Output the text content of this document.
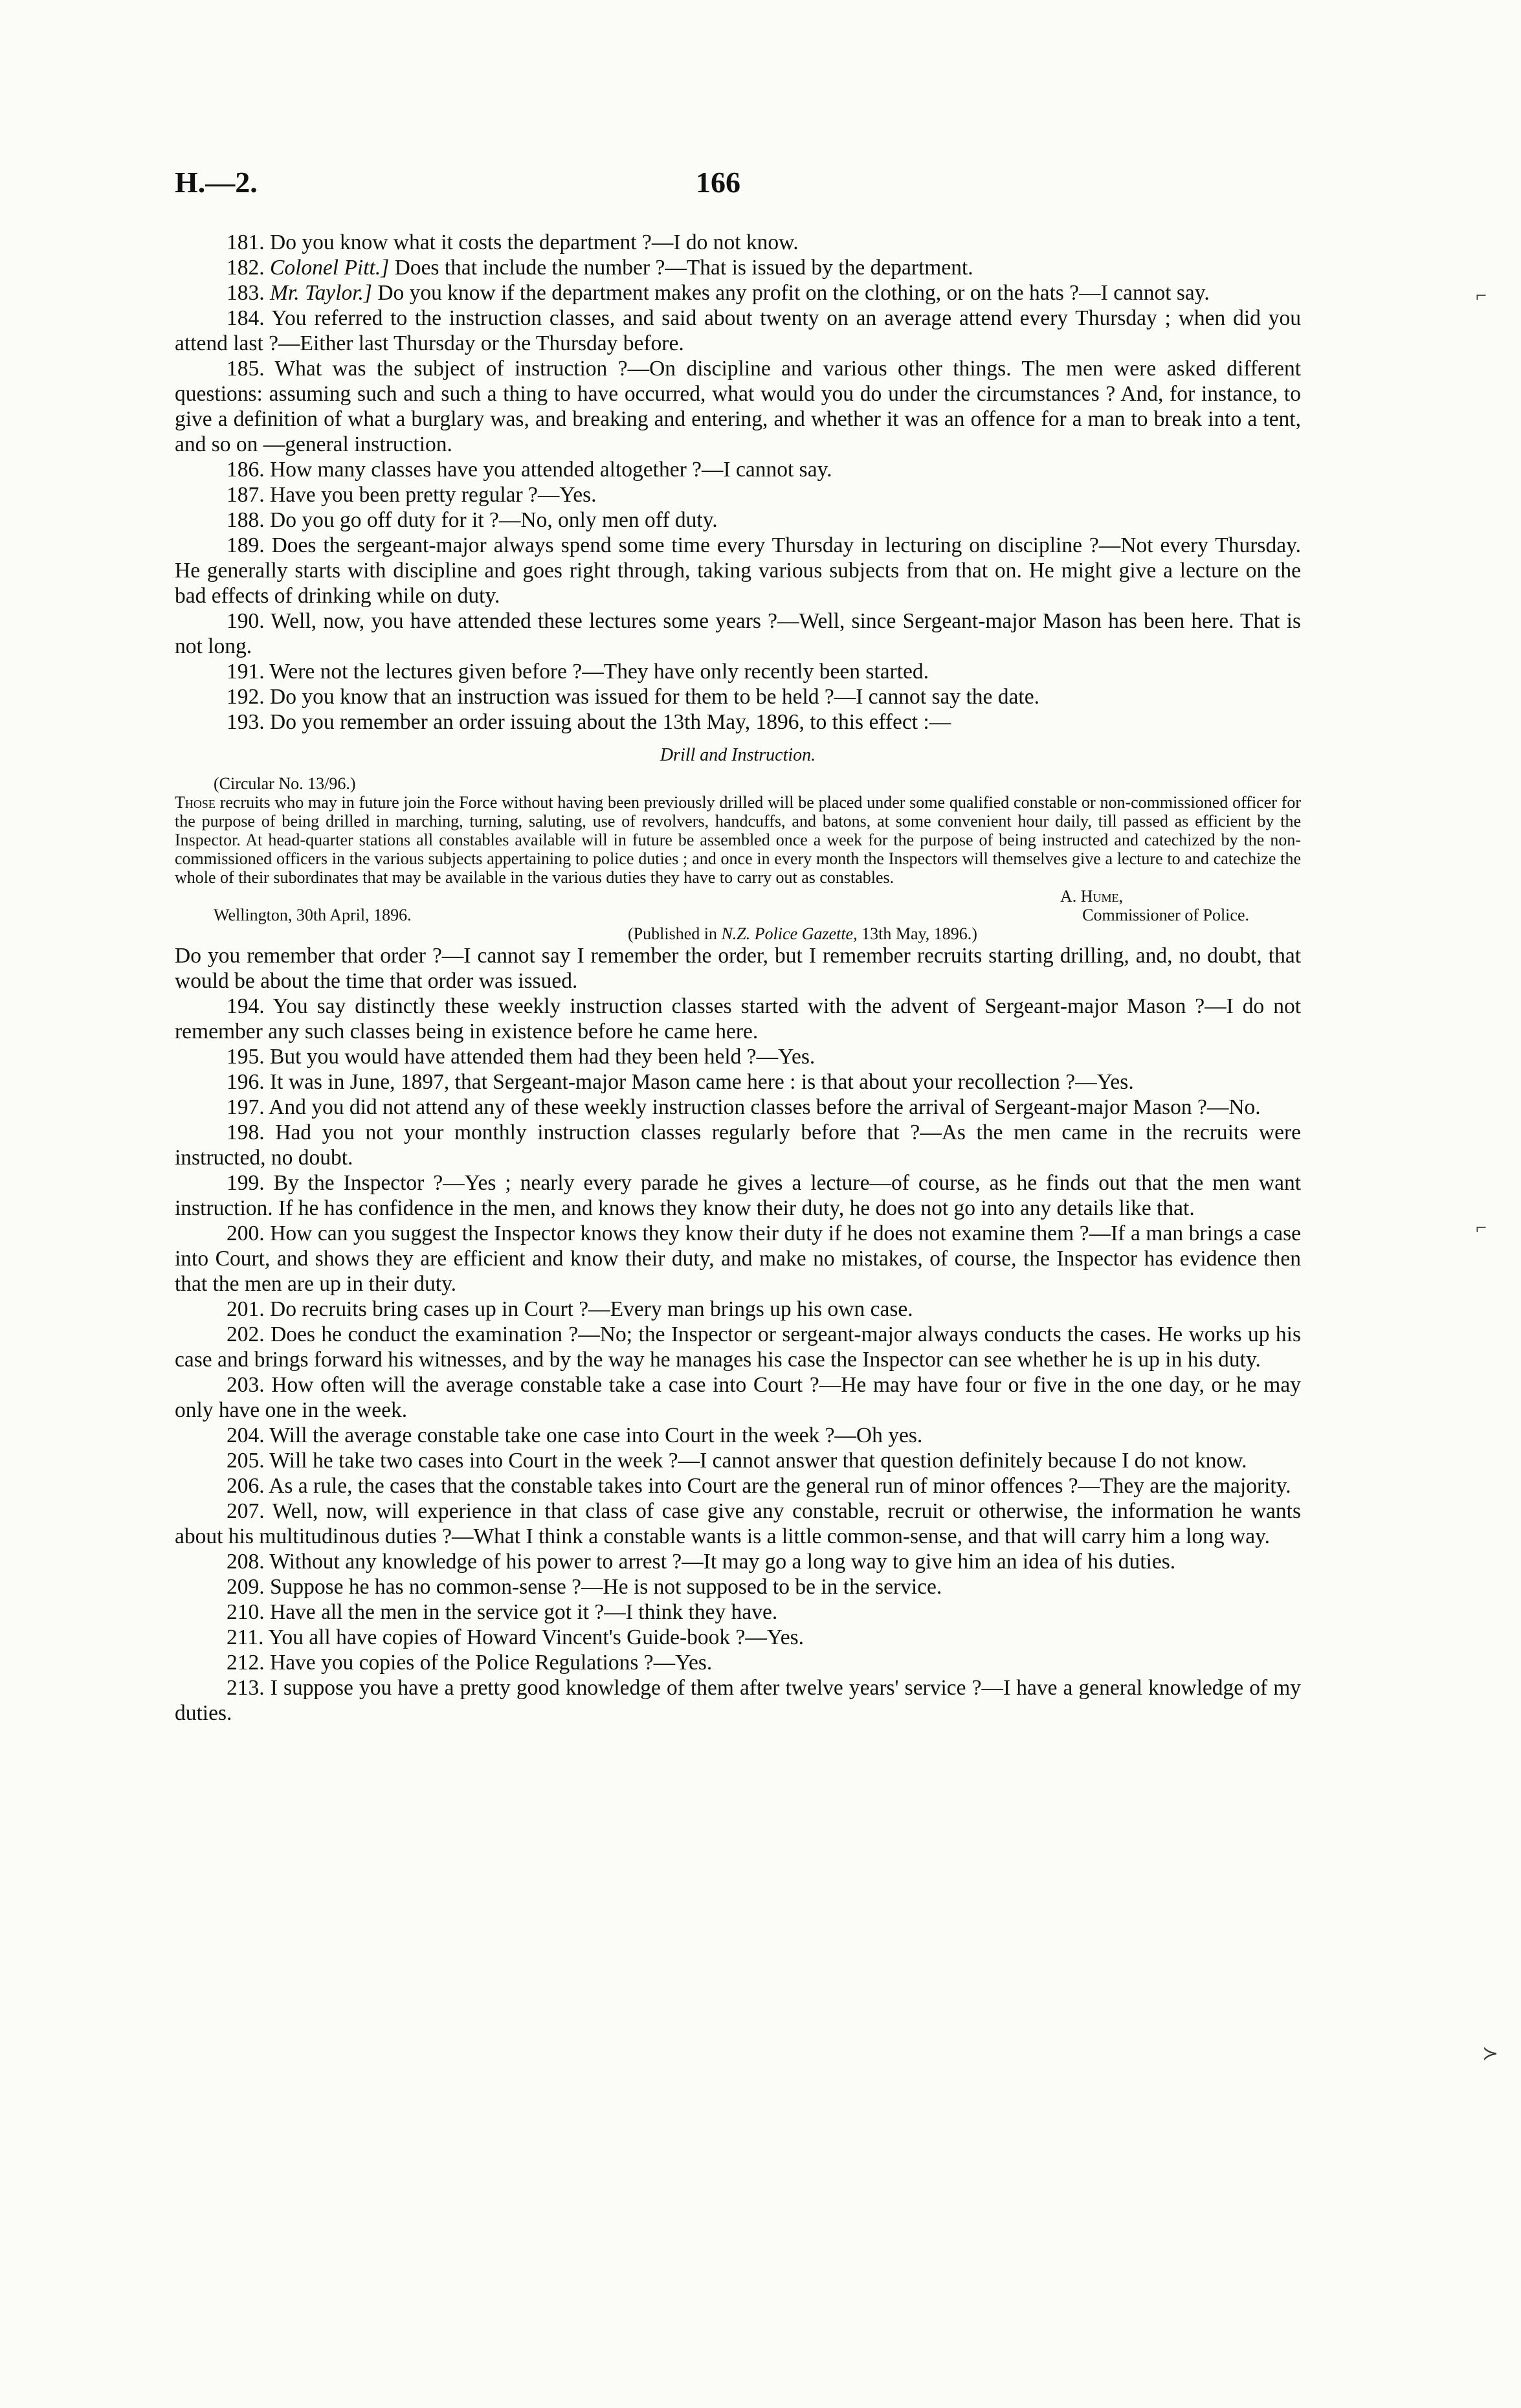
H.—2.	166

181. Do you know what it costs the department ?—I do not know.

182. Colonel Pitt.] Does that include the number ?—That is issued by the department.

183. Mr. Taylor.] Do you know if the department makes any profit on the clothing, or on the hats ?—I cannot say.

184. You referred to the instruction classes, and said about twenty on an average attend every Thursday ; when did you attend last ?—Either last Thursday or the Thursday before.

185. What was the subject of instruction ?—On discipline and various other things. The men were asked different questions: assuming such and such a thing to have occurred, what would you do under the circumstances ? And, for instance, to give a definition of what a burglary was, and breaking and entering, and whether it was an offence for a man to break into a tent, and so on —general instruction.

186. How many classes have you attended altogether ?—I cannot say.

187. Have you been pretty regular ?—Yes.

188. Do you go off duty for it ?—No, only men off duty.

189. Does the sergeant-major always spend some time every Thursday in lecturing on discipline ?—Not every Thursday. He generally starts with discipline and goes right through, taking various subjects from that on. He might give a lecture on the bad effects of drinking while on duty.

190. Well, now, you have attended these lectures some years ?—Well, since Sergeant-major Mason has been here. That is not long.

191. Were not the lectures given before ?—They have only recently been started.

192. Do you know that an instruction was issued for them to be held ?—I cannot say the date.

193. Do you remember an order issuing about the 13th May, 1896, to this effect :—

Drill and Instruction.
(Circular No. 13/96.)

Those recruits who may in future join the Force without having been previously drilled will be placed under some qualified constable or non-commissioned officer for the purpose of being drilled in marching, turning, saluting, use of revolvers, handcuffs, and batons, at some convenient hour daily, till passed as efficient by the Inspector. At head-quarter stations all constables available will in future be assembled once a week for the purpose of being instructed and catechized by the non-commissioned officers in the various subjects appertaining to police duties ; and once in every month the Inspectors will themselves give a lecture to and catechize the whole of their subordinates that may be available in the various duties they have to carry out as constables.

A. Hume,
Wellington, 30th April, 1896.	Commissioner of Police.
(Published in N.Z. Police Gazette, 13th May, 1896.)

Do you remember that order ?—I cannot say I remember the order, but I remember recruits starting drilling, and, no doubt, that would be about the time that order was issued.

194. You say distinctly these weekly instruction classes started with the advent of Sergeant-major Mason ?—I do not remember any such classes being in existence before he came here.

195. But you would have attended them had they been held ?—Yes.

196. It was in June, 1897, that Sergeant-major Mason came here : is that about your recollection ?—Yes.

197. And you did not attend any of these weekly instruction classes before the arrival of Sergeant-major Mason ?—No.

198. Had you not your monthly instruction classes regularly before that ?—As the men came in the recruits were instructed, no doubt.

199. By the Inspector ?—Yes ; nearly every parade he gives a lecture—of course, as he finds out that the men want instruction. If he has confidence in the men, and knows they know their duty, he does not go into any details like that.

200. How can you suggest the Inspector knows they know their duty if he does not examine them ?—If a man brings a case into Court, and shows they are efficient and know their duty, and make no mistakes, of course, the Inspector has evidence then that the men are up in their duty.

201. Do recruits bring cases up in Court ?—Every man brings up his own case.

202. Does he conduct the examination ?—No; the Inspector or sergeant-major always conducts the cases. He works up his case and brings forward his witnesses, and by the way he manages his case the Inspector can see whether he is up in his duty.

203. How often will the average constable take a case into Court ?—He may have four or five in the one day, or he may only have one in the week.

204. Will the average constable take one case into Court in the week ?—Oh yes.

205. Will he take two cases into Court in the week ?—I cannot answer that question definitely because I do not know.

206. As a rule, the cases that the constable takes into Court are the general run of minor offences ?—They are the majority.

207. Well, now, will experience in that class of case give any constable, recruit or otherwise, the information he wants about his multitudinous duties ?—What I think a constable wants is a little common-sense, and that will carry him a long way.

208. Without any knowledge of his power to arrest ?—It may go a long way to give him an idea of his duties.

209. Suppose he has no common-sense ?—He is not supposed to be in the service.

210. Have all the men in the service got it ?—I think they have.

211. You all have copies of Howard Vincent's Guide-book ?—Yes.

212. Have you copies of the Police Regulations ?—Yes.

213. I suppose you have a pretty good knowledge of them after twelve years' service ?—I have a general knowledge of my duties.

⌐
⌐
≻
